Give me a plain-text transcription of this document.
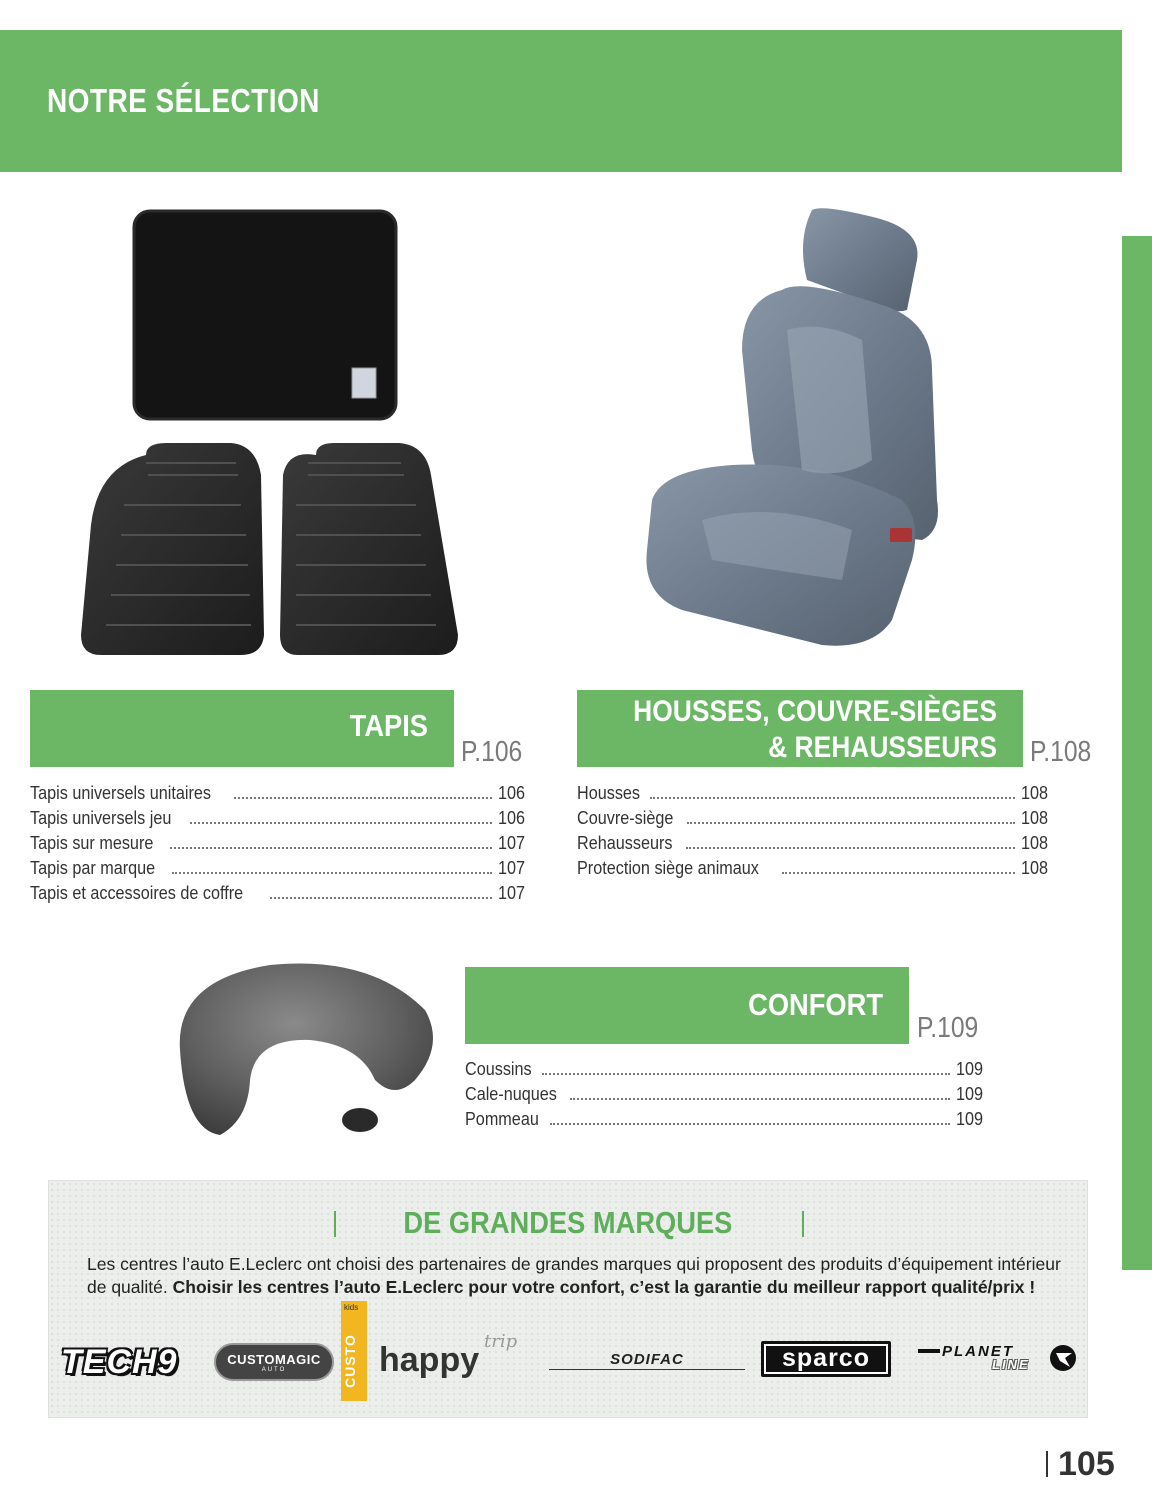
NOTRE SÉLECTION
TAPIS
P.106
Tapis universels unitaires	106
Tapis universels jeu	106
Tapis sur mesure	107
Tapis par marque	107
Tapis et accessoires de coffre	107
HOUSSES, COUVRE-SIÈGES
& REHAUSSEURS P.108
Housses	108
Couvre-siège	108
Rehausseurs	108
Protection siège animaux	108
CONFORT
P.109
Coussins	109
Cale-nuques	109
Pommeau	109
DE GRANDES MARQUES
Les centres l’auto E.Leclerc ont choisi des partenaires de grandes marques qui proposent des produits d’équipement intérieur de qualité. Choisir les centres l’auto E.Leclerc pour votre confort, c’est la garantie du meilleur rapport qualité/prix !
TECH9	CUSTOMAGIC
AUTO
kids
CUSTO happy trip
SODIFAC	sparco	PLANET
LINE
105
